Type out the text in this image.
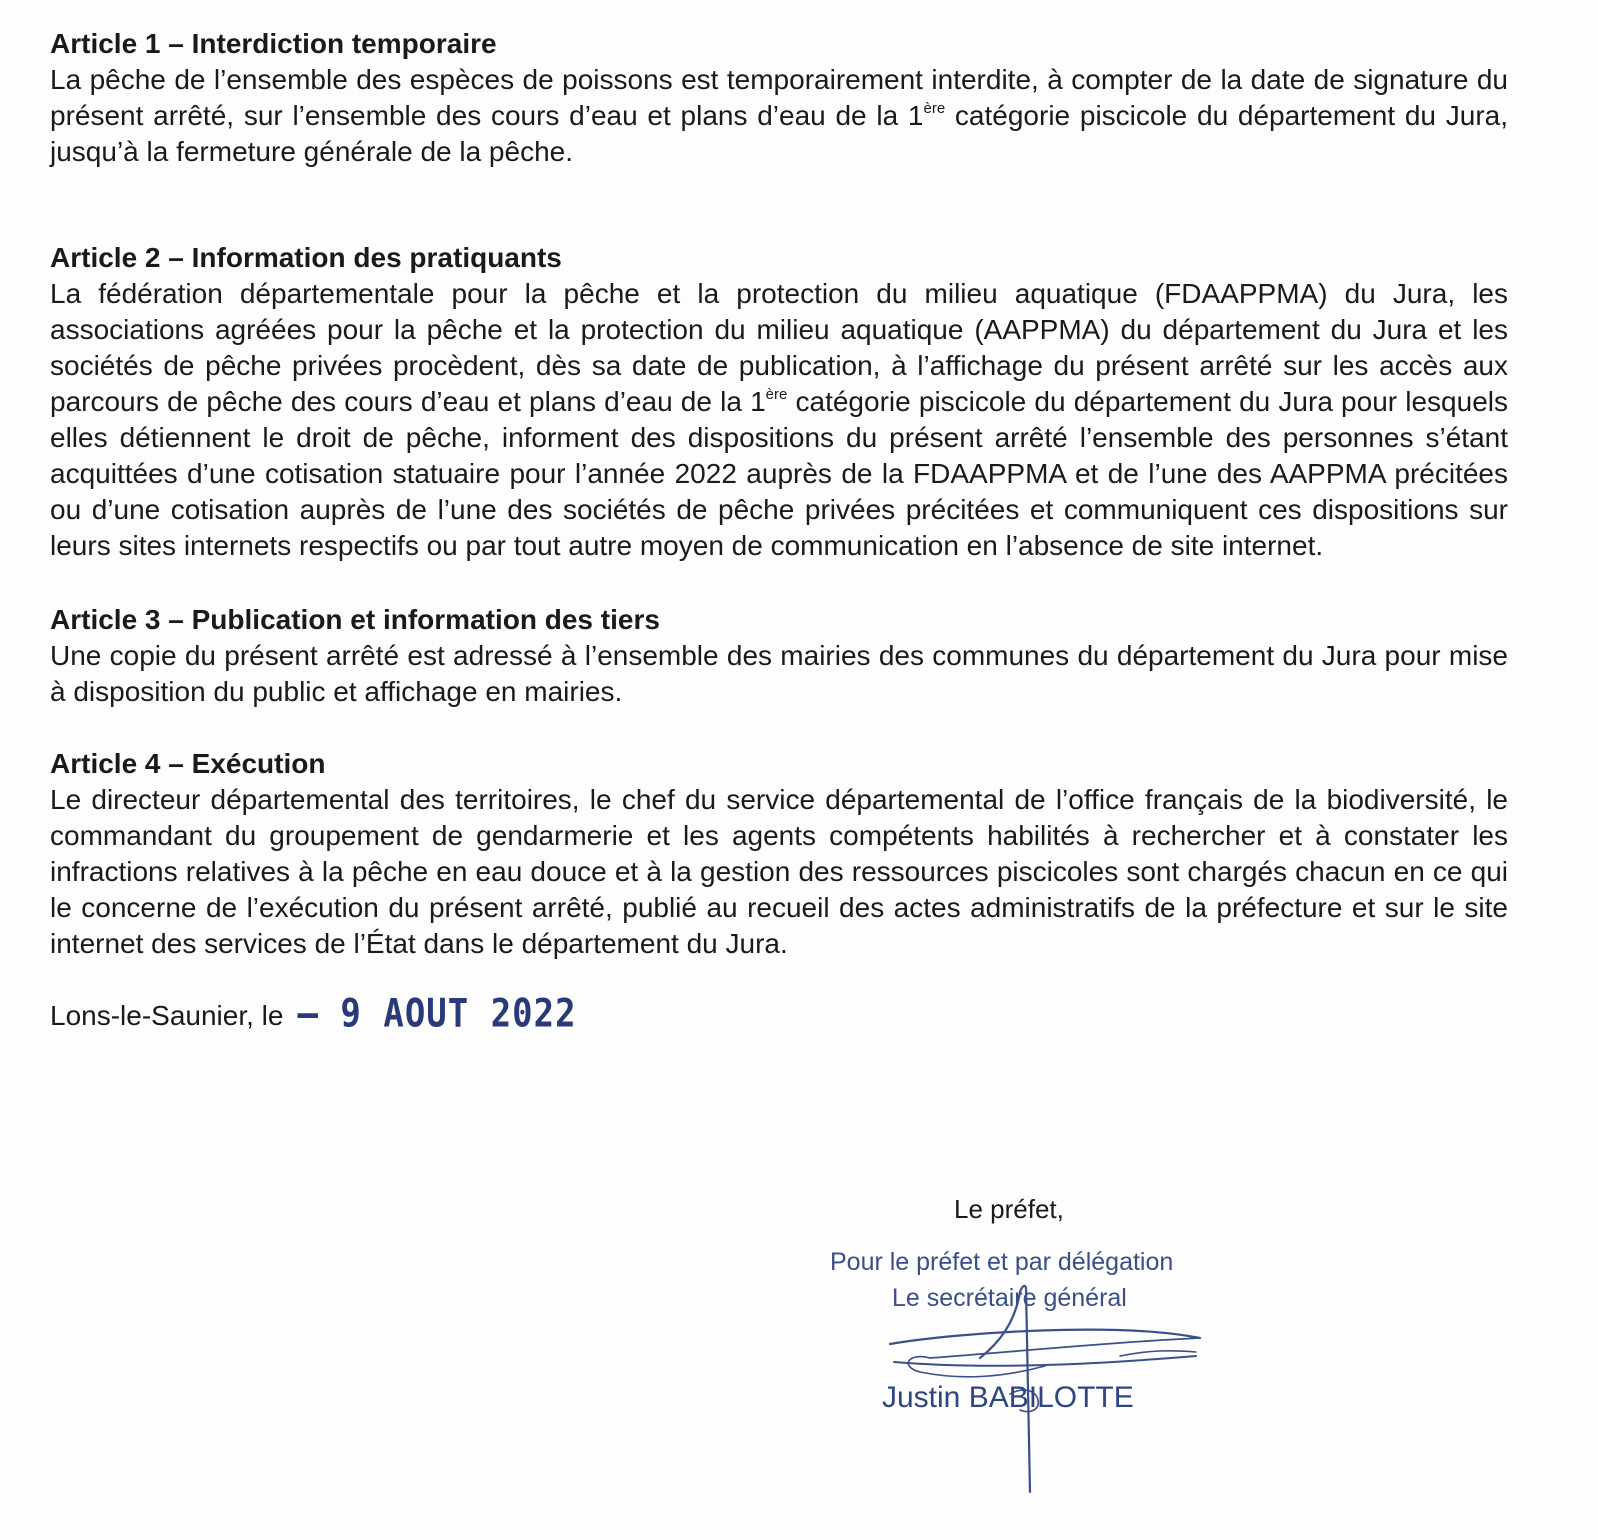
Article 1 – Interdiction temporaire

La pêche de l’ensemble des espèces de poissons est temporairement interdite, à compter de la date de signature du présent arrêté, sur l’ensemble des cours d’eau et plans d’eau de la 1ère catégorie piscicole du département du Jura, jusqu’à la fermeture générale de la pêche.

Article 2 – Information des pratiquants

La fédération départementale pour la pêche et la protection du milieu aquatique (FDAAPPMA) du Jura, les associations agréées pour la pêche et la protection du milieu aquatique (AAPPMA) du département du Jura et les sociétés de pêche privées procèdent, dès sa date de publication, à l’affichage du présent arrêté sur les accès aux parcours de pêche des cours d’eau et plans d’eau de la 1ère catégorie piscicole du département du Jura pour lesquels elles détiennent le droit de pêche, informent des dispositions du présent arrêté l’ensemble des personnes s’étant acquittées d’une cotisation statuaire pour l’année 2022 auprès de la FDAAPPMA et de l’une des AAPPMA précitées ou d’une cotisation auprès de l’une des sociétés de pêche privées précitées et communiquent ces dispositions sur leurs sites internets respectifs ou par tout autre moyen de communication en l’absence de site internet.

Article 3 – Publication et information des tiers

Une copie du présent arrêté est adressé à l’ensemble des mairies des communes du département du Jura pour mise à disposition du public et affichage en mairies.

Article 4 – Exécution

Le directeur départemental des territoires, le chef du service départemental de l’office français de la biodiversité, le commandant du groupement de gendarmerie et les agents compétents habilités à rechercher et à constater les infractions relatives à la pêche en eau douce et à la gestion des ressources piscicoles sont chargés chacun en ce qui le concerne de l’exécution du présent arrêté, publié au recueil des actes administratifs de la préfecture et sur le site internet des services de l’État dans le département du Jura.

Lons-le-Saunier, le – 9 AOUT 2022

Le préfet,
Pour le préfet et par délégation
Le secrétaire général
Justin BABILOTTE
